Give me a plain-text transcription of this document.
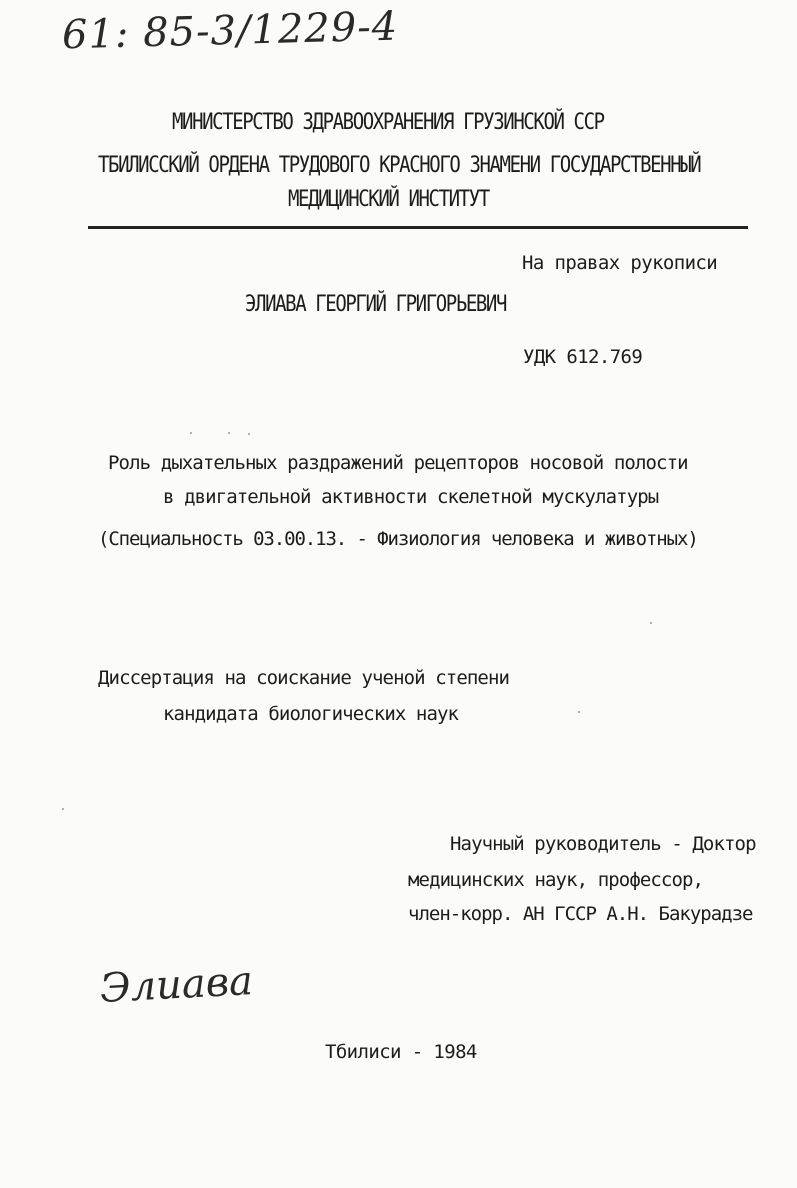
61: 85-3/1229-4
МИНИСТЕРСТВО ЗДРАВООХРАНЕНИЯ ГРУЗИНСКОЙ ССР
ТБИЛИССКИЙ ОРДЕНА ТРУДОВОГО КРАСНОГО ЗНАМЕНИ ГОСУДАРСТВЕННЫЙ
МЕДИЦИНСКИЙ ИНСТИТУТ
На правах рукописи
ЭЛИАВА ГЕОРГИЙ ГРИГОРЬЕВИЧ
УДК 612.769
Роль дыхательных раздражений рецепторов носовой полости
в двигательной активности скелетной мускулатуры
(Специальность 03.00.13. - Физиология человека и животных)
Диссертация на соискание ученой степени
кандидата биологических наук
Научный руководитель - Доктор
медицинских наук, профессор,
член-корр. АН ГССР А.Н. Бакурадзе
Элиава
Тбилиси - 1984
